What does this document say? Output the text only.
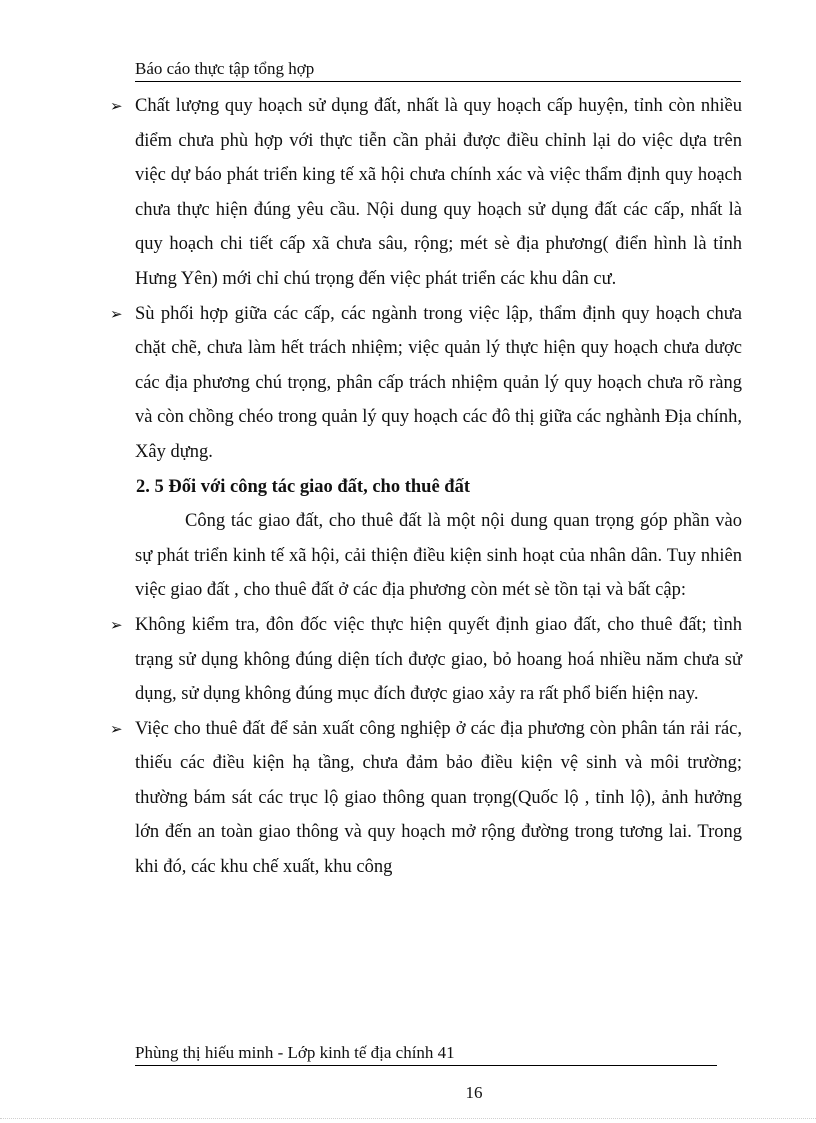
Báo cáo thực tập tổng hợp
➢ Chất lượng quy hoạch sử dụng đất, nhất là quy hoạch cấp huyện, tỉnh còn nhiều điểm chưa phù hợp với thực tiễn cần phải được điều chỉnh lại do việc dựa trên việc dự báo phát triển king tế xã hội chưa chính xác và việc thẩm định quy hoạch chưa thực hiện đúng yêu cầu. Nội dung quy hoạch sử dụng đất các cấp, nhất là quy hoạch chi tiết cấp xã chưa sâu, rộng; mét sè địa phương( điển hình là tỉnh Hưng Yên) mới chỉ chú trọng đến việc phát triển các khu dân cư.

➢ Sù phối hợp giữa các cấp, các ngành trong việc lập, thẩm định quy hoạch chưa chặt chẽ, chưa làm hết trách nhiệm; việc quản lý thực hiện quy hoạch chưa dược các địa phương chú trọng, phân cấp trách nhiệm quản lý quy hoạch chưa rõ ràng và còn chồng chéo trong quản lý quy hoạch các đô thị giữa các nghành Địa chính, Xây dựng.

2. 5 Đối với công tác giao đất, cho thuê đất

Công tác giao đất, cho thuê đất là một nội dung quan trọng góp phần vào sự phát triển kinh tế xã hội, cải thiện điều kiện sinh hoạt của nhân dân. Tuy nhiên việc giao đất , cho thuê đất ở các địa phương còn mét sè tồn tại và bất cập:

➢ Không kiểm tra, đôn đốc việc thực hiện quyết định giao đất, cho thuê đất; tình trạng sử dụng không đúng diện tích được giao, bỏ hoang hoá nhiều năm chưa sử dụng, sử dụng không đúng mục đích được giao xảy ra rất phổ biến hiện nay.

➢ Việc cho thuê đất để sản xuất công nghiệp ở các địa phương còn phân tán rải rác, thiếu các điều kiện hạ tầng, chưa đảm bảo điều kiện vệ sinh và môi trường; thường bám sát các trục lộ giao thông quan trọng(Quốc lộ , tỉnh lộ), ảnh hưởng lớn đến an toàn giao thông và quy hoạch mở rộng đường trong tương lai. Trong khi đó, các khu chế xuất, khu công

Phùng thị hiếu minh - Lớp kinh tế địa chính 41
16
